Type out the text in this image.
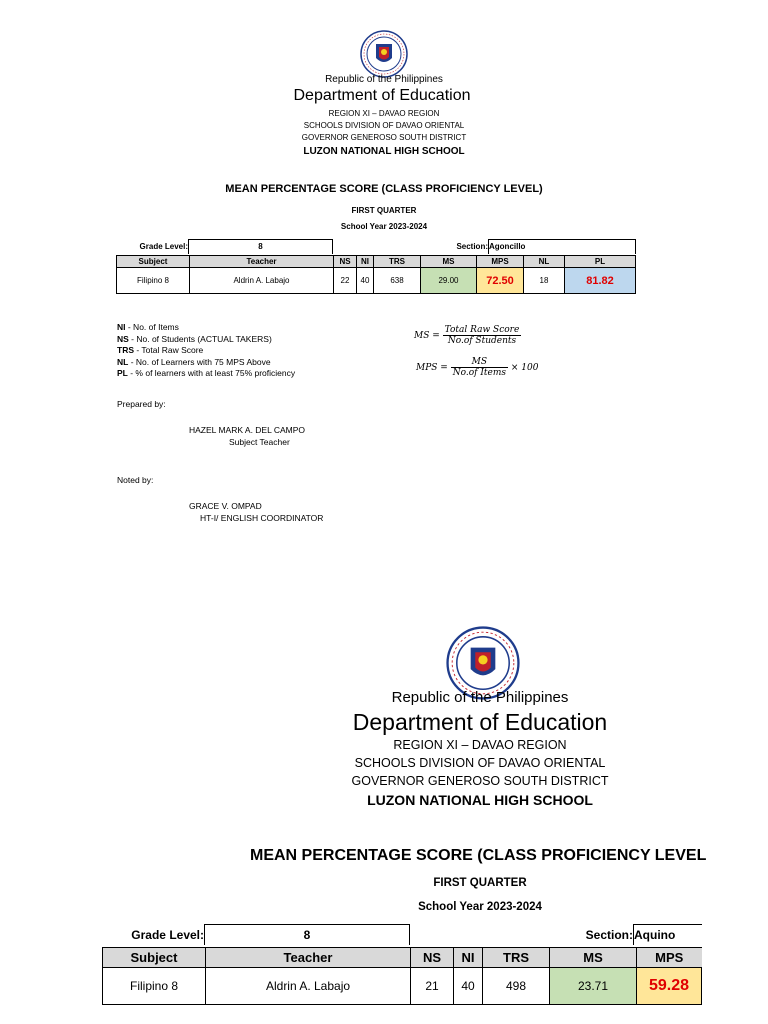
Republic of the Philippines
Department of Education
REGION XI – DAVAO REGION
SCHOOLS DIVISION OF DAVAO ORIENTAL
GOVERNOR GENEROSO SOUTH DISTRICT
LUZON NATIONAL HIGH SCHOOL
MEAN PERCENTAGE SCORE (CLASS PROFICIENCY LEVEL)
FIRST QUARTER
School Year 2023-2024
Grade Level:	8	Section:	Agoncillo
Subject	Teacher	NS	NI	TRS	MS	MPS	NL	PL
Filipino 8	Aldrin A. Labajo	22	40	638	29.00	72.50	18	81.82
NI - No. of Items
NS - No. of Students (ACTUAL TAKERS)
TRS - Total Raw Score
NL - No. of Learners with 75 MPS Above
PL - % of learners with at least 75% proficiency
MS = $\frac{\text{Total Raw Score}}{\text{No.of Students}}$
MPS = $\frac{MS}{\text{No.of Items}} \times 100$
Prepared by:
HAZEL MARK A. DEL CAMPO
Subject Teacher
Noted by:
GRACE V. OMPAD
HT-I/ ENGLISH COORDINATOR
Republic of the Philippines
Department of Education
REGION XI – DAVAO REGION
SCHOOLS DIVISION OF DAVAO ORIENTAL
GOVERNOR GENEROSO SOUTH DISTRICT
LUZON NATIONAL HIGH SCHOOL
MEAN PERCENTAGE SCORE (CLASS PROFICIENCY LEVEL
FIRST QUARTER
School Year 2023-2024
Grade Level:	8	Section:	Aquino
Subject	Teacher	NS	NI	TRS	MS	MPS
Filipino 8	Aldrin A. Labajo	21	40	498	23.71	59.28
